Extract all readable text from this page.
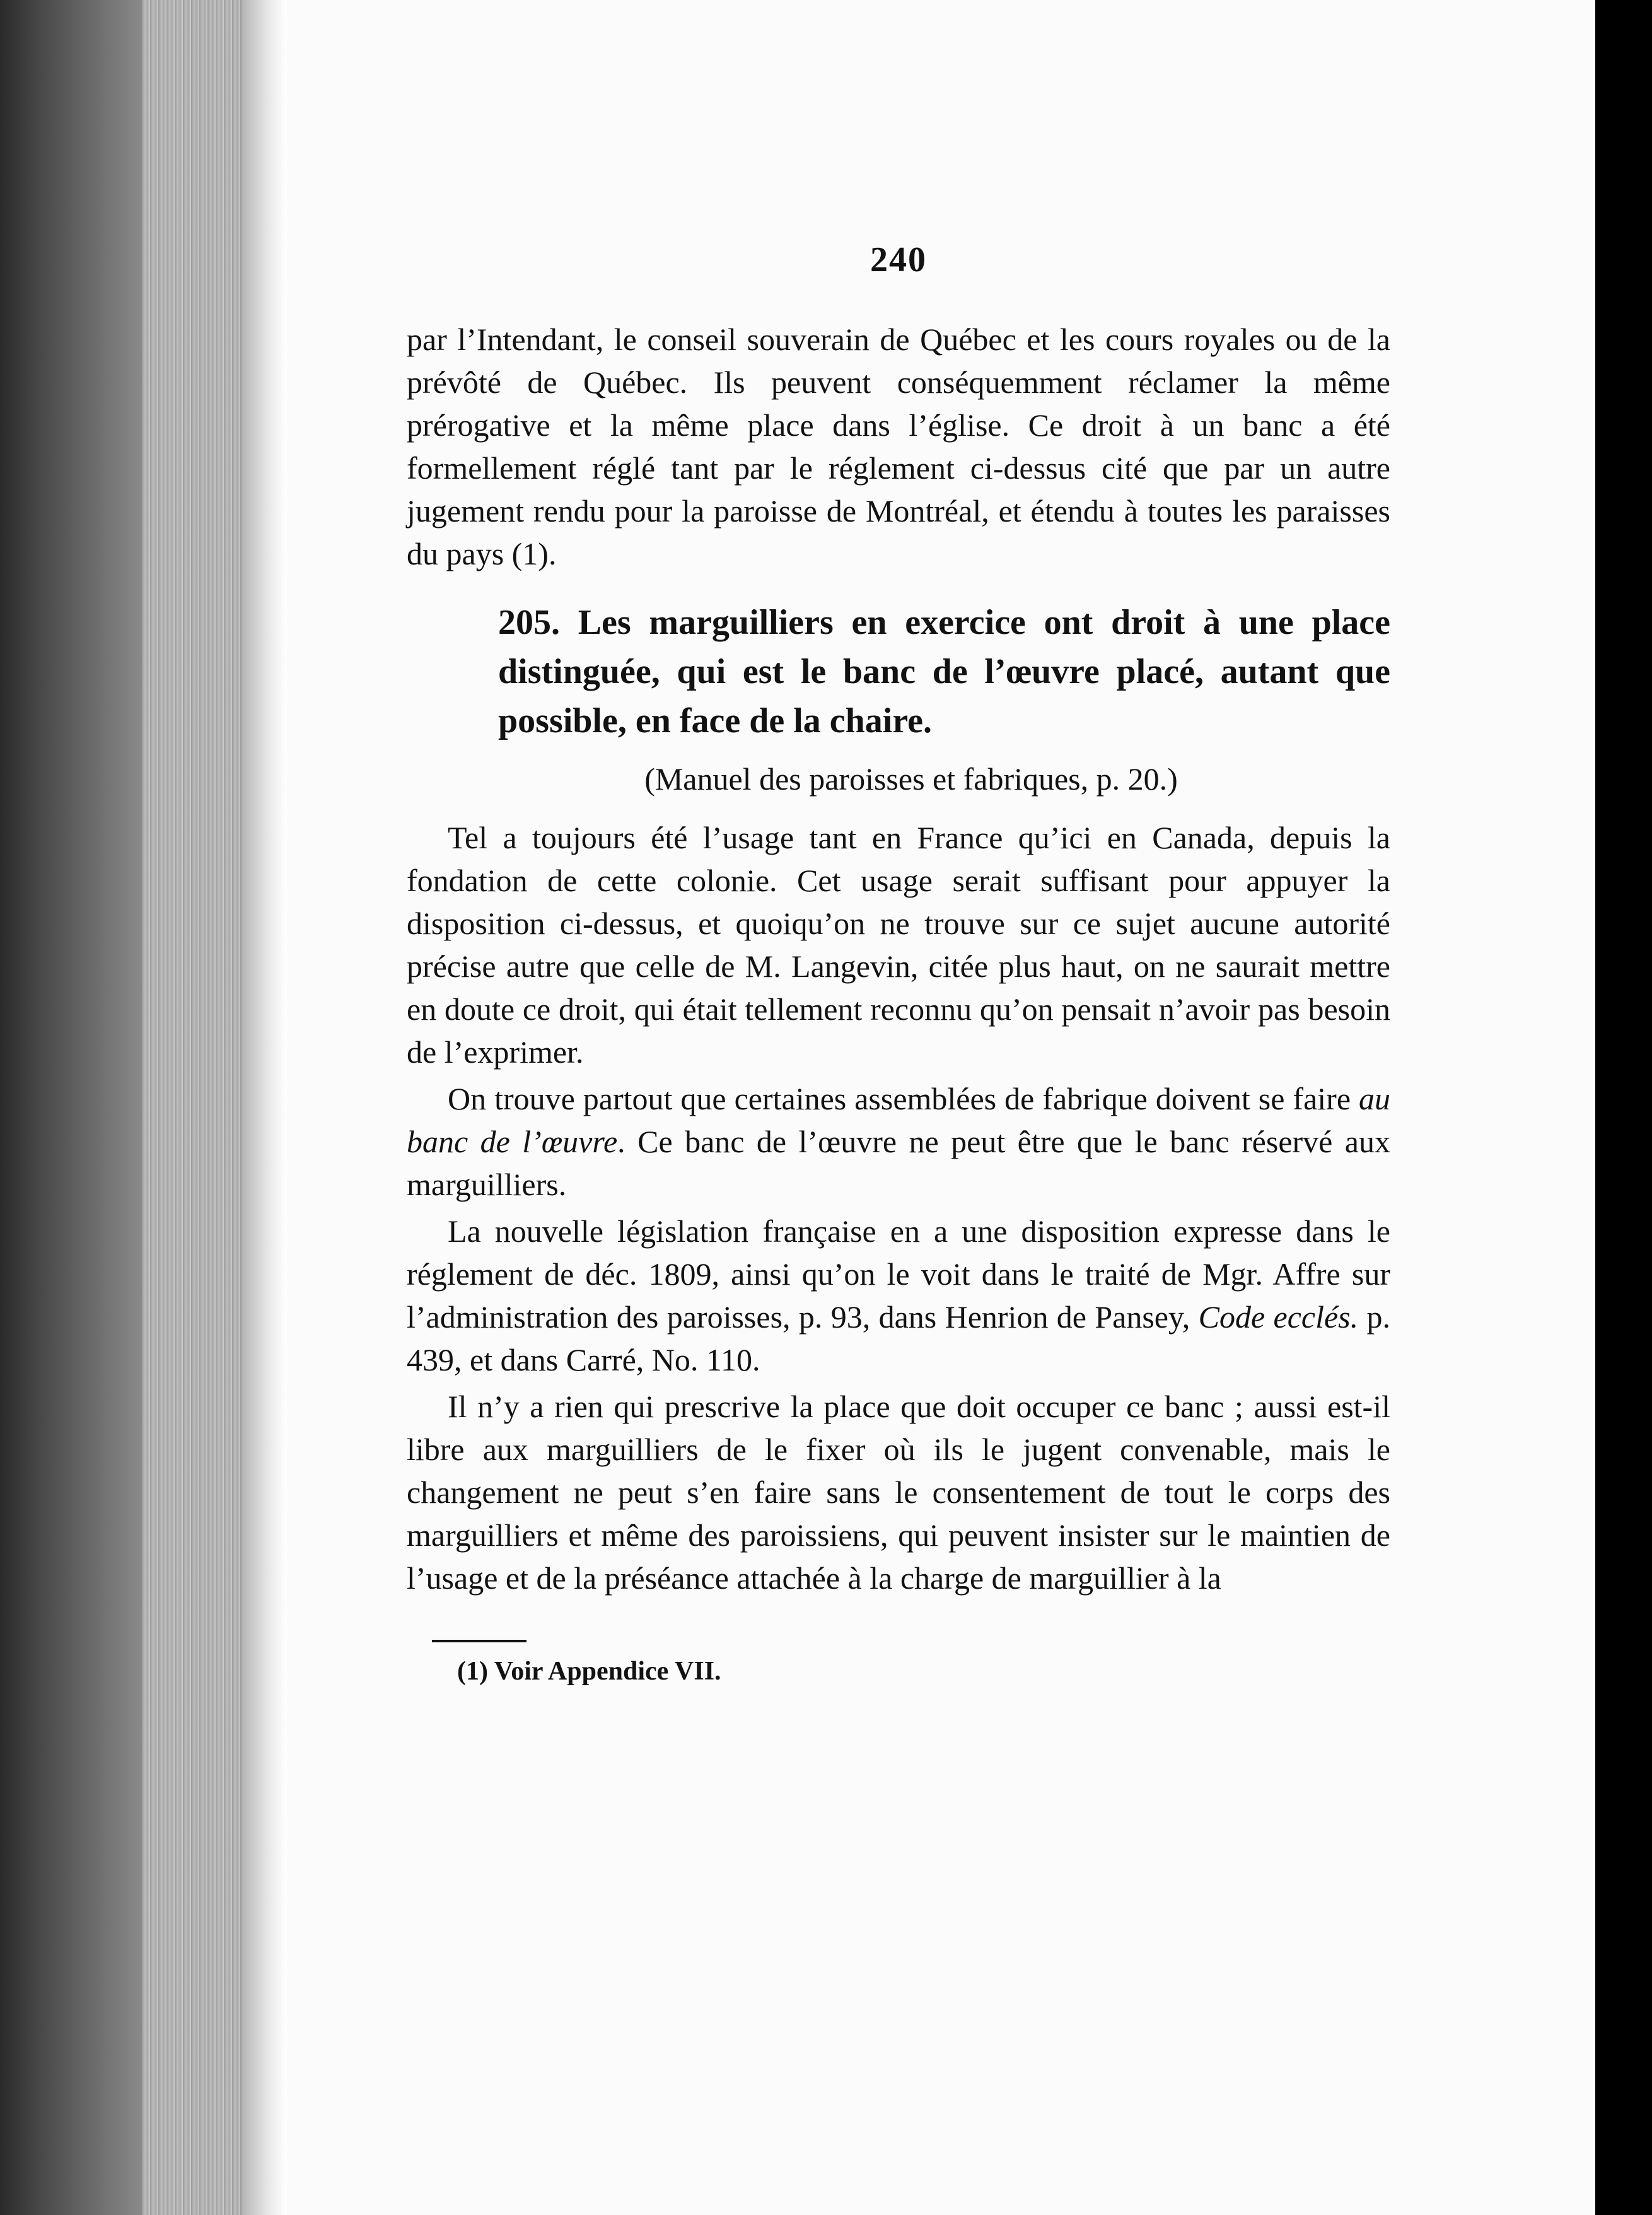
240

par l’Intendant, le conseil souverain de Québec et les cours royales ou de la prévôté de Québec. Ils peuvent conséquemment réclamer la même prérogative et la même place dans l’église. Ce droit à un banc a été formellement réglé tant par le réglement ci-dessus cité que par un autre jugement rendu pour la paroisse de Montréal, et étendu à toutes les paraisses du pays (1).

205. Les marguilliers en exercice ont droit à une place distinguée, qui est le banc de l’œuvre placé, autant que possible, en face de la chaire.
(Manuel des paroisses et fabriques, p. 20.)

Tel a toujours été l’usage tant en France qu’ici en Canada, depuis la fondation de cette colonie. Cet usage serait suffisant pour appuyer la disposition ci-dessus, et quoiqu’on ne trouve sur ce sujet aucune autorité précise autre que celle de M. Langevin, citée plus haut, on ne saurait mettre en doute ce droit, qui était tellement reconnu qu’on pensait n’avoir pas besoin de l’exprimer.

On trouve partout que certaines assemblées de fabrique doivent se faire au banc de l’œuvre. Ce banc de l’œuvre ne peut être que le banc réservé aux marguilliers.

La nouvelle législation française en a une disposition expresse dans le réglement de déc. 1809, ainsi qu’on le voit dans le traité de Mgr. Affre sur l’administration des paroisses, p. 93, dans Henrion de Pansey, Code ecclés. p. 439, et dans Carré, No. 110.

Il n’y a rien qui prescrive la place que doit occuper ce banc ; aussi est-il libre aux marguilliers de le fixer où ils le jugent convenable, mais le changement ne peut s’en faire sans le consentement de tout le corps des marguilliers et même des paroissiens, qui peuvent insister sur le maintien de l’usage et de la préséance attachée à la charge de marguillier à la

(1) Voir Appendice VII.
